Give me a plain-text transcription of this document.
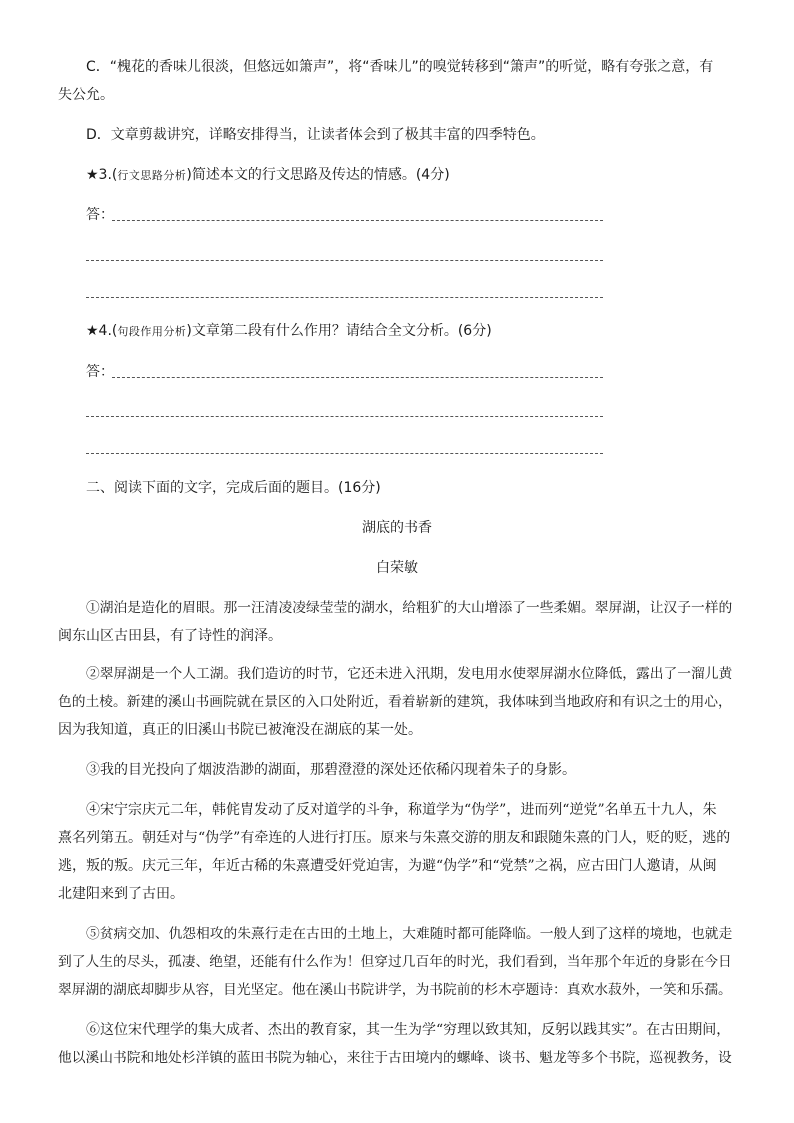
C．“槐花的香味儿很淡，但悠远如箫声”，将“香味儿”的嗅觉转移到“箫声”的听觉，略有夸张之意，有
失公允。
D．文章剪裁讲究，详略安排得当，让读者体会到了极其丰富的四季特色。
★3.(行文思路分析)简述本文的行文思路及传达的情感。(4分)
答：
★4.(句段作用分析)文章第二段有什么作用？请结合全文分析。(6分)
答：
二、阅读下面的文字，完成后面的题目。(16分)
湖底的书香
白荣敏
①湖泊是造化的眉眼。那一汪清凌凌绿莹莹的湖水，给粗犷的大山增添了一些柔媚。翠屏湖，让汉子一样的
闽东山区古田县，有了诗性的润泽。
②翠屏湖是一个人工湖。我们造访的时节，它还未进入汛期，发电用水使翠屏湖水位降低，露出了一溜儿黄
色的土棱。新建的溪山书画院就在景区的入口处附近，看着崭新的建筑，我体味到当地政府和有识之士的用心，
因为我知道，真正的旧溪山书院已被淹没在湖底的某一处。
③我的目光投向了烟波浩渺的湖面，那碧澄澄的深处还依稀闪现着朱子的身影。
④宋宁宗庆元二年，韩侂胄发动了反对道学的斗争，称道学为“伪学”，进而列“逆党”名单五十九人，朱
熹名列第五。朝廷对与“伪学”有牵连的人进行打压。原来与朱熹交游的朋友和跟随朱熹的门人，贬的贬，逃的
逃，叛的叛。庆元三年，年近古稀的朱熹遭受奸党迫害，为避“伪学”和“党禁”之祸，应古田门人邀请，从闽
北建阳来到了古田。
⑤贫病交加、仇怨相攻的朱熹行走在古田的土地上，大难随时都可能降临。一般人到了这样的境地，也就走
到了人生的尽头，孤凄、绝望，还能有什么作为！但穿过几百年的时光，我们看到，当年那个年近的身影在今日
翠屏湖的湖底却脚步从容，目光坚定。他在溪山书院讲学，为书院前的杉木亭题诗：真欢水菽外，一笑和乐孺。
⑥这位宋代理学的集大成者、杰出的教育家，其一生为学“穷理以致其知，反躬以践其实”。在古田期间，
他以溪山书院和地处杉洋镇的蓝田书院为轴心，来往于古田境内的螺峰、谈书、魁龙等多个书院，巡视教务，设
